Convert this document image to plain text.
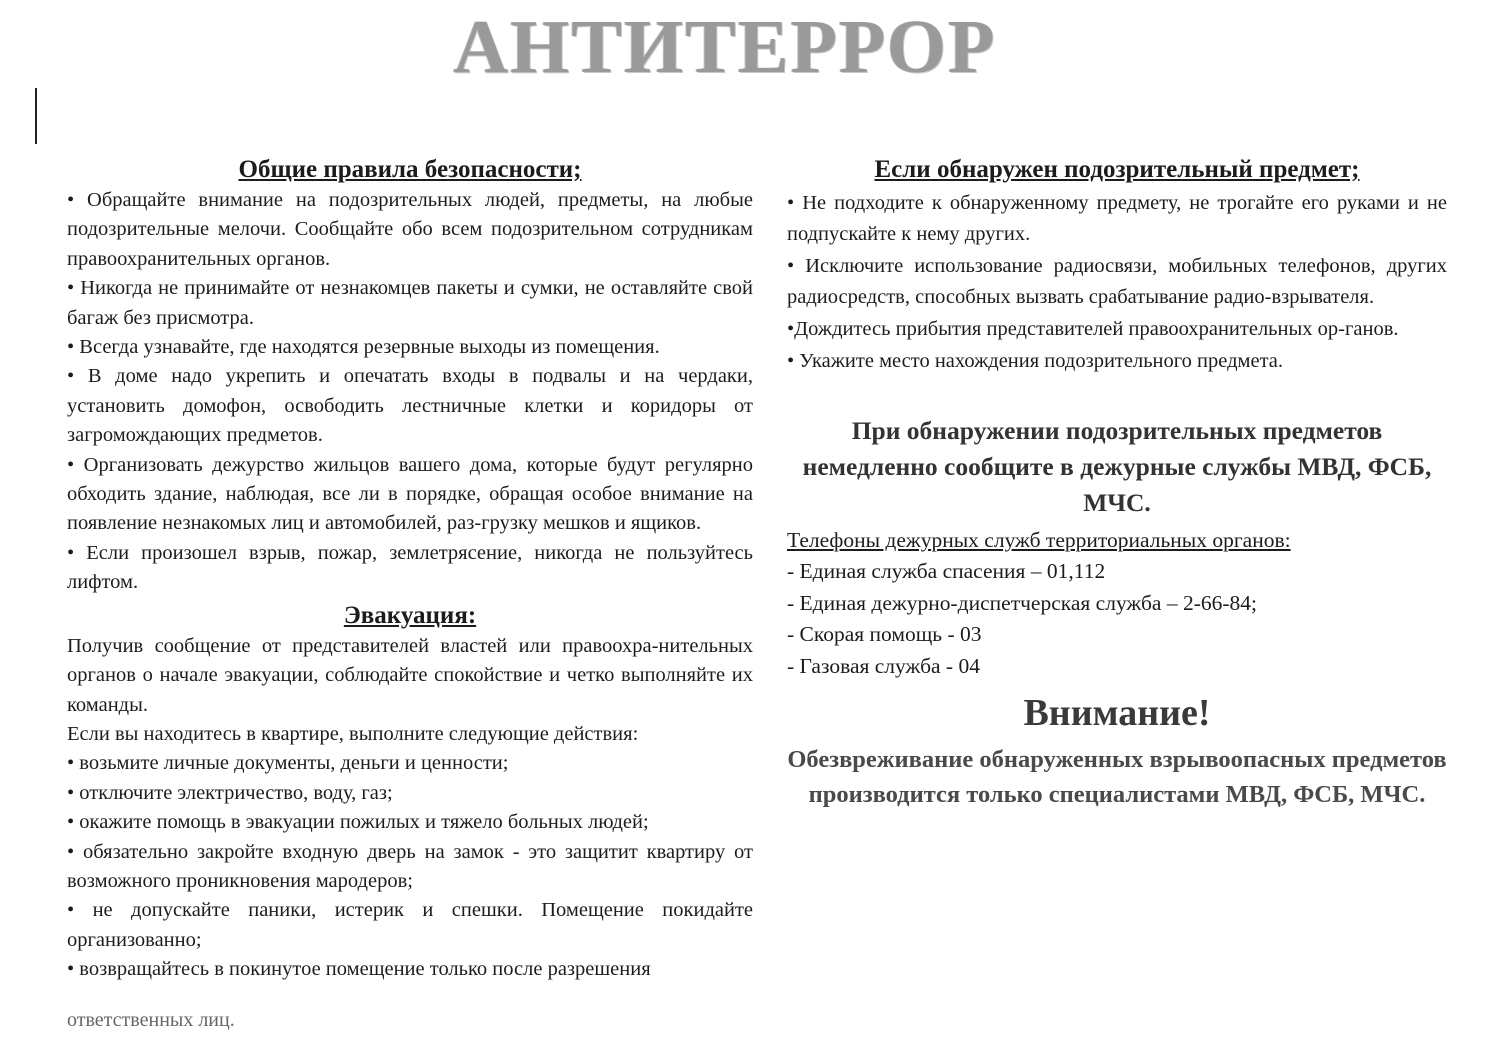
АНТИТЕРРОР
Общие правила безопасности;

• Обращайте внимание на подозрительных людей, предметы, на любые подозрительные мелочи. Сообщайте обо всем подозрительном сотрудникам правоохранительных органов.

• Никогда не принимайте от незнакомцев пакеты и сумки, не оставляйте свой багаж без присмотра.

• Всегда узнавайте, где находятся резервные выходы из помещения.

• В доме надо укрепить и опечатать входы в подвалы и на чердаки, установить домофон, освободить лестничные клетки и коридоры от загромождающих предметов.

• Организовать дежурство жильцов вашего дома, которые будут регулярно обходить здание, наблюдая, все ли в порядке, обращая особое внимание на появление незнакомых лиц и автомобилей, раз-грузку мешков и ящиков.

• Если произошел взрыв, пожар, землетрясение, никогда не пользуйтесь лифтом.

Эвакуация:

Получив сообщение от представителей властей или правоохра-нительных органов о начале эвакуации, соблюдайте спокойствие и четко выполняйте их команды.

Если вы находитесь в квартире, выполните следующие действия:

• возьмите личные документы, деньги и ценности;

• отключите электричество, воду, газ;

• окажите помощь в эвакуации пожилых и тяжело больных людей;

• обязательно закройте входную дверь на замок - это защитит квартиру от возможного проникновения мародеров;

• не допускайте паники, истерик и спешки. Помещение покидайте организованно;

• возвращайтесь в покинутое помещение только после разрешения

ответственных лиц.
Если обнаружен подозрительный предмет;

• Не подходите к обнаруженному предмету, не трогайте его руками и не подпускайте к нему других.

• Исключите использование радиосвязи, мобильных телефонов, других радиосредств, способных вызвать срабатывание радио-взрывателя.

•Дождитесь прибытия представителей правоохранительных ор-ганов.

• Укажите место нахождения подозрительного предмета.

При обнаружении подозрительных предметов немедленно сообщите в дежурные службы МВД, ФСБ, МЧС.

Телефоны дежурных служб территориальных органов:

- Единая служба спасения – 01,112

- Единая дежурно-диспетчерская служба – 2-66-84;

- Скорая помощь - 03

- Газовая служба - 04

Внимание!

Обезвреживание обнаруженных взрывоопасных предметов производится только специалистами МВД, ФСБ, МЧС.
